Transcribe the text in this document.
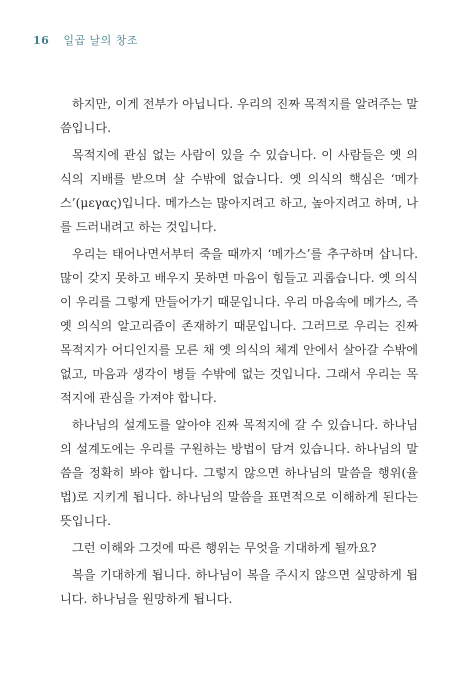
16 일곱 날의 창조

하지만, 이게 전부가 아닙니다. 우리의 진짜 목적지를 알려주는 말씀입니다.

목적지에 관심 없는 사람이 있을 수 있습니다. 이 사람들은 옛 의식의 지배를 받으며 살 수밖에 없습니다. 옛 의식의 핵심은 ‘메가스’(μεγας)입니다. 메가스는 많아지려고 하고, 높아지려고 하며, 나를 드러내려고 하는 것입니다.

우리는 태어나면서부터 죽을 때까지 ‘메가스’를 추구하며 삽니다. 많이 갖지 못하고 배우지 못하면 마음이 힘들고 괴롭습니다. 옛 의식이 우리를 그렇게 만들어가기 때문입니다. 우리 마음속에 메가스, 즉 옛 의식의 알고리즘이 존재하기 때문입니다. 그러므로 우리는 진짜 목적지가 어디인지를 모른 채 옛 의식의 체계 안에서 살아갈 수밖에 없고, 마음과 생각이 병들 수밖에 없는 것입니다. 그래서 우리는 목적지에 관심을 가져야 합니다.

하나님의 설계도를 알아야 진짜 목적지에 갈 수 있습니다. 하나님의 설계도에는 우리를 구원하는 방법이 담겨 있습니다. 하나님의 말씀을 정확히 봐야 합니다. 그렇지 않으면 하나님의 말씀을 행위(율법)로 지키게 됩니다. 하나님의 말씀을 표면적으로 이해하게 된다는 뜻입니다.

그런 이해와 그것에 따른 행위는 무엇을 기대하게 될까요?

복을 기대하게 됩니다. 하나님이 복을 주시지 않으면 실망하게 됩니다. 하나님을 원망하게 됩니다.
